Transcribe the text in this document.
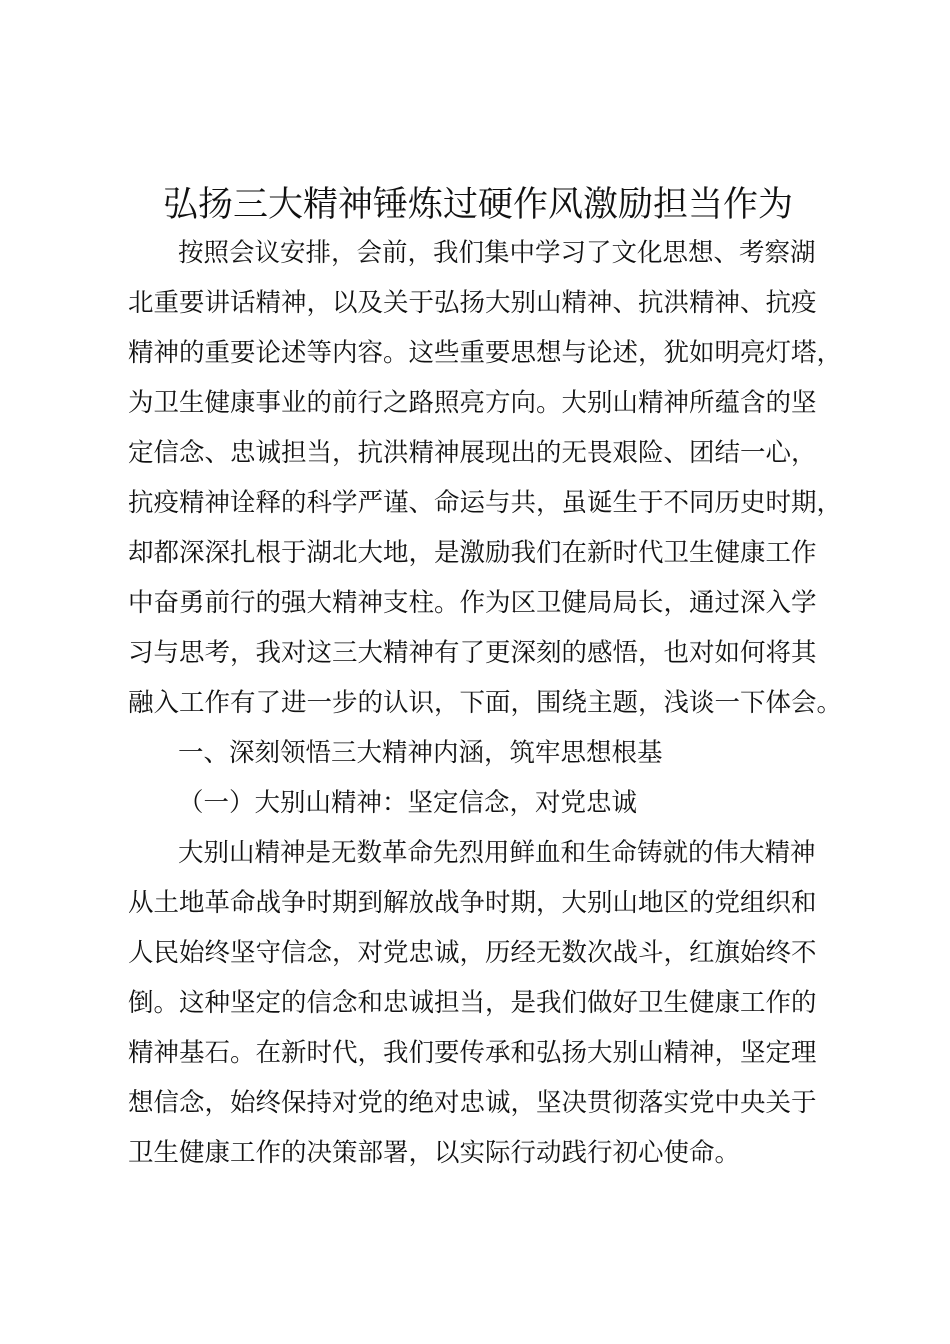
弘扬三大精神锤炼过硬作风激励担当作为
按照会议安排，会前，我们集中学习了文化思想、考察湖
北重要讲话精神，以及关于弘扬大别山精神、抗洪精神、抗疫
精神的重要论述等内容。这些重要思想与论述，犹如明亮灯塔，
为卫生健康事业的前行之路照亮方向。大别山精神所蕴含的坚
定信念、忠诚担当，抗洪精神展现出的无畏艰险、团结一心，
抗疫精神诠释的科学严谨、命运与共，虽诞生于不同历史时期，
却都深深扎根于湖北大地，是激励我们在新时代卫生健康工作
中奋勇前行的强大精神支柱。作为区卫健局局长，通过深入学
习与思考，我对这三大精神有了更深刻的感悟，也对如何将其
融入工作有了进一步的认识，下面，围绕主题，浅谈一下体会。
一、深刻领悟三大精神内涵，筑牢思想根基
（一）大别山精神：坚定信念，对党忠诚
大别山精神是无数革命先烈用鲜血和生命铸就的伟大精神
从土地革命战争时期到解放战争时期，大别山地区的党组织和
人民始终坚守信念，对党忠诚，历经无数次战斗，红旗始终不
倒。这种坚定的信念和忠诚担当，是我们做好卫生健康工作的
精神基石。在新时代，我们要传承和弘扬大别山精神，坚定理
想信念，始终保持对党的绝对忠诚，坚决贯彻落实党中央关于
卫生健康工作的决策部署，以实际行动践行初心使命。
